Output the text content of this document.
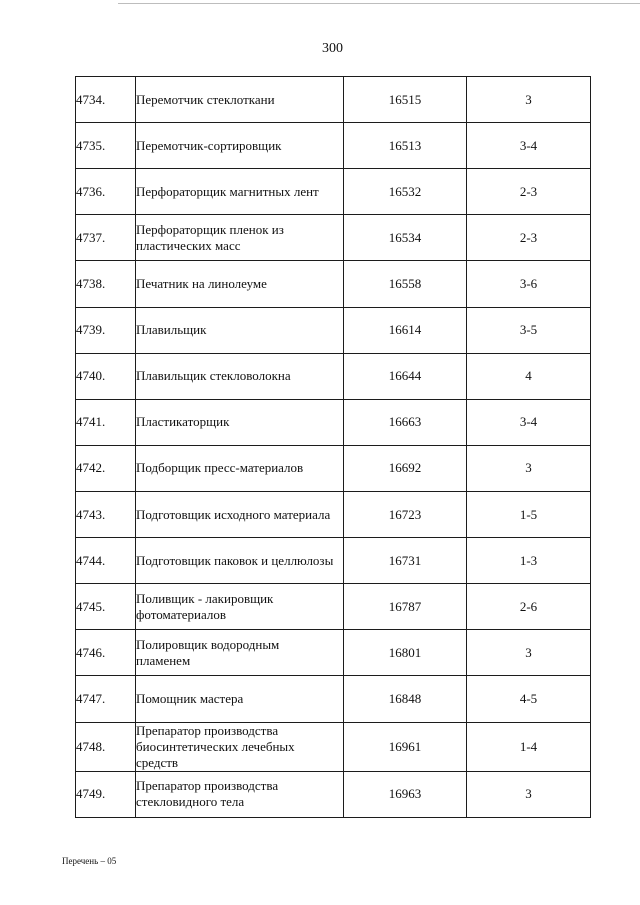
300
4734.	Перемотчик стеклоткани	16515	3
4735.	Перемотчик-сортировщик	16513	3-4
4736.	Перфораторщик магнитных лент	16532	2-3
4737.	Перфораторщик пленок из
пластических масс	16534	2-3
4738.	Печатник на линолеуме	16558	3-6
4739.	Плавильщик	16614	3-5
4740.	Плавильщик стекловолокна	16644	4
4741.	Пластикаторщик	16663	3-4
4742.	Подборщик пресс-материалов	16692	3
4743.	Подготовщик исходного материала	16723	1-5
4744.	Подготовщик паковок и целлюлозы	16731	1-3
4745.	Поливщик - лакировщик
фотоматериалов	16787	2-6
4746.	Полировщик водородным
пламенем	16801	3
4747.	Помощник мастера	16848	4-5
4748.	Препаратор производства
биосинтетических лечебных
средств	16961	1-4
4749.	Препаратор производства
стекловидного тела	16963	3
Перечень – 05
